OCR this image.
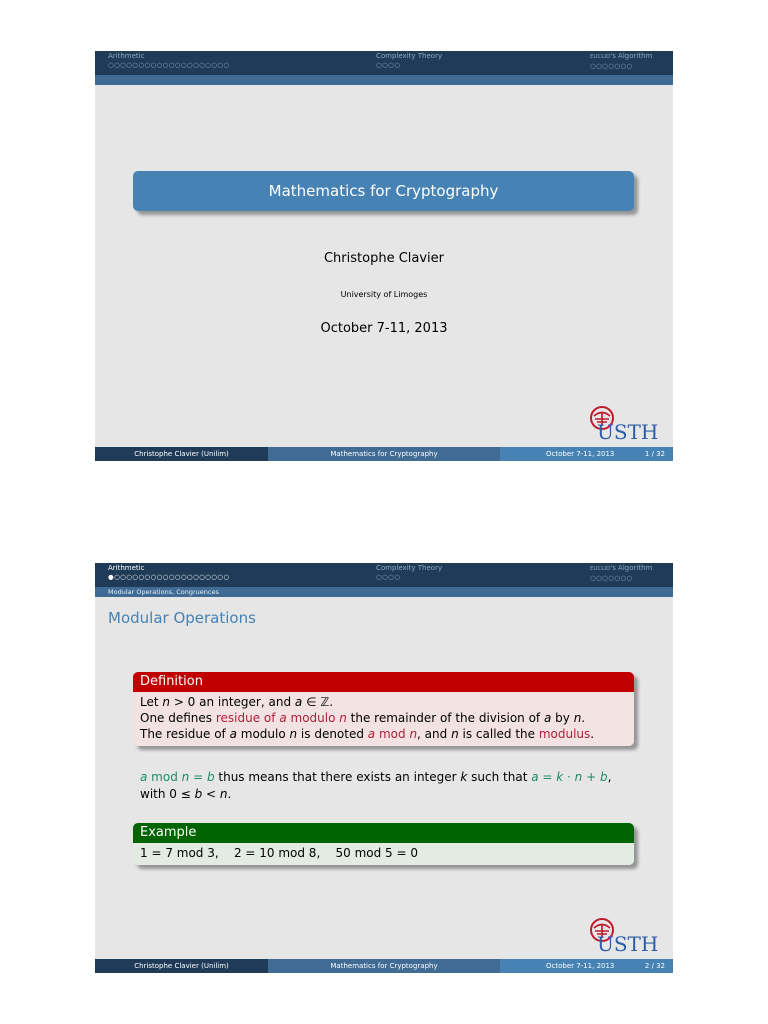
Arithmetic
○○○○○○○○○○○○○○○○○○○○
Complexity Theory
○○○○
EUCLID's Algorithm
○○○○○○○
Mathematics for Cryptography
Christophe Clavier
University of Limoges
October 7-11, 2013
USTH
Christophe Clavier (Unilim)	Mathematics for Cryptography	October 7-11, 2013	1 / 32
Arithmetic
●○○○○○○○○○○○○○○○○○○○
Complexity Theory
○○○○
EUCLID's Algorithm
○○○○○○○
Modular Operations, Congruences
Modular Operations
Definition
Let n > 0 an integer, and a ∈ ℤ.
One defines residue of a modulo n the remainder of the division of a by n.
The residue of a modulo n is denoted a mod n, and n is called the modulus.
a mod n = b thus means that there exists an integer k such that a = k · n + b,
with 0 ≤ b < n.
Example
1 = 7 mod 3,    2 = 10 mod 8,    50 mod 5 = 0
USTH
Christophe Clavier (Unilim)	Mathematics for Cryptography	October 7-11, 2013	2 / 32
